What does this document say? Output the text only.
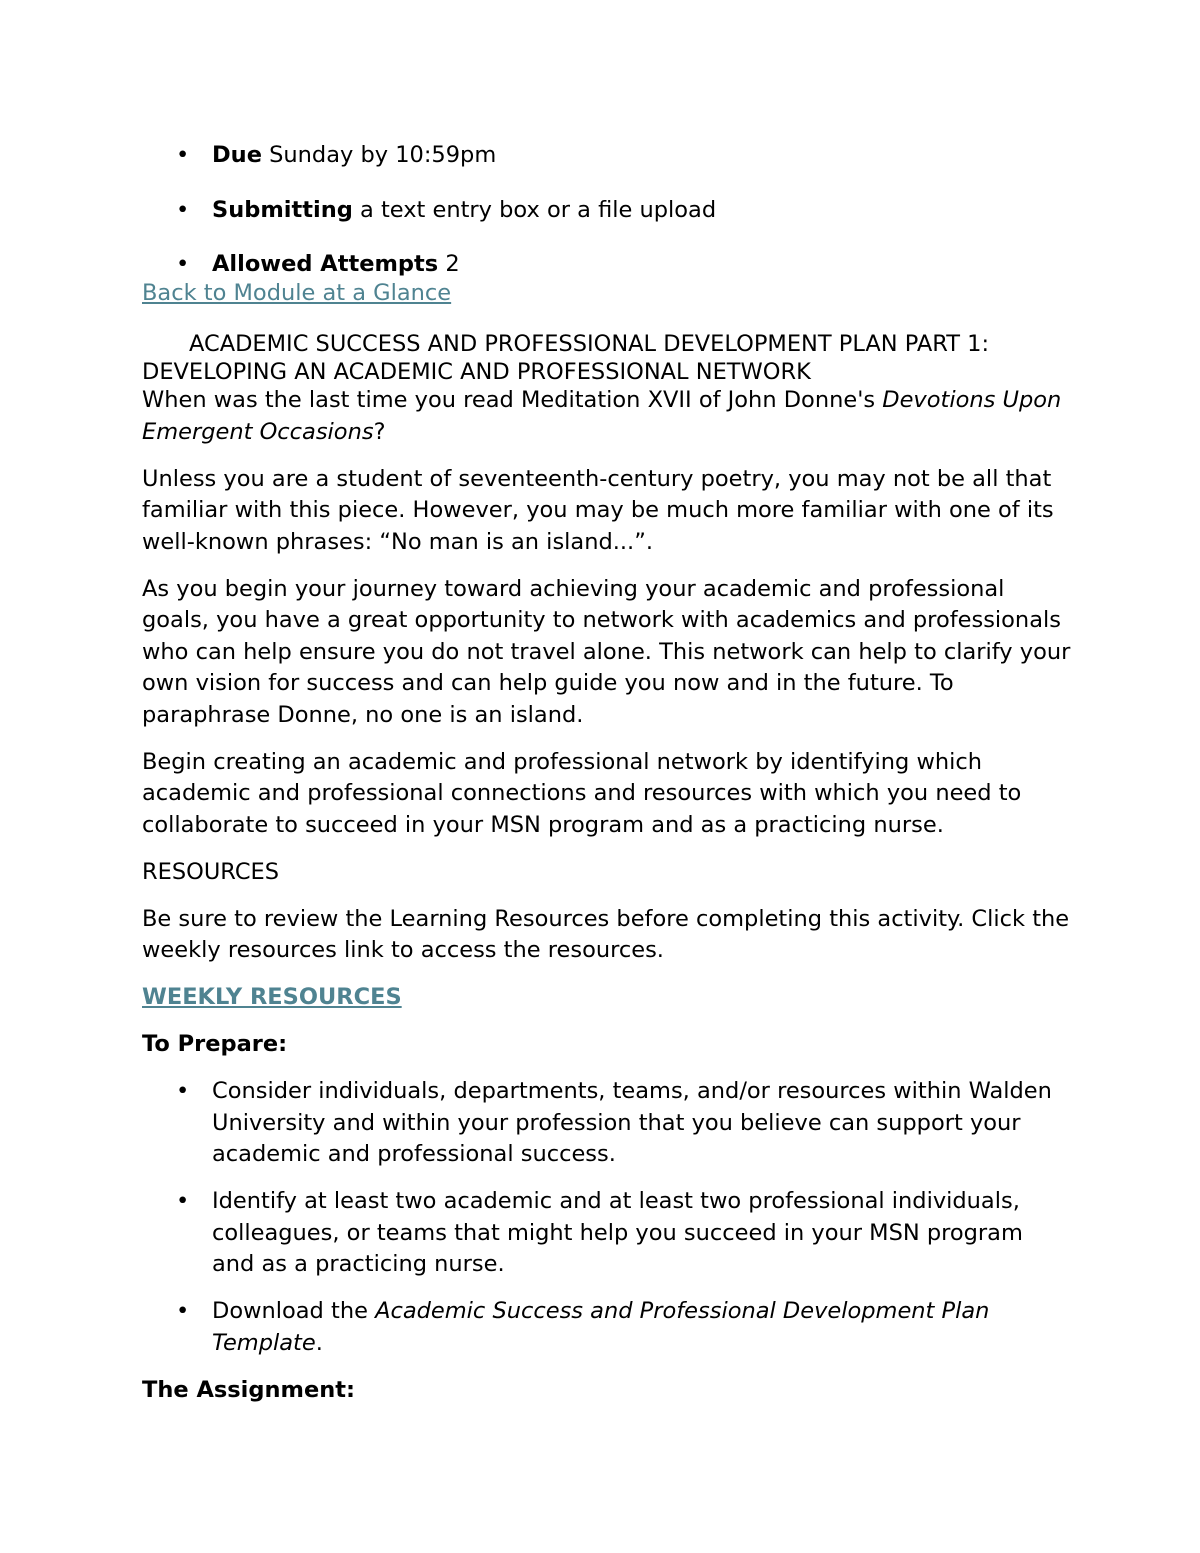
• Due Sunday by 10:59pm
• Submitting a text entry box or a file upload
• Allowed Attempts 2
Back to Module at a Glance
ACADEMIC SUCCESS AND PROFESSIONAL DEVELOPMENT PLAN PART 1: DEVELOPING AN ACADEMIC AND PROFESSIONAL NETWORK

When was the last time you read Meditation XVII of John Donne's Devotions Upon Emergent Occasions?

Unless you are a student of seventeenth-century poetry, you may not be all that familiar with this piece. However, you may be much more familiar with one of its well-known phrases: “No man is an island...”.

As you begin your journey toward achieving your academic and professional goals, you have a great opportunity to network with academics and professionals who can help ensure you do not travel alone. This network can help to clarify your own vision for success and can help guide you now and in the future. To paraphrase Donne, no one is an island.

Begin creating an academic and professional network by identifying which academic and professional connections and resources with which you need to collaborate to succeed in your MSN program and as a practicing nurse.

RESOURCES

Be sure to review the Learning Resources before completing this activity. Click the weekly resources link to access the resources.

WEEKLY RESOURCES

To Prepare:

• Consider individuals, departments, teams, and/or resources within Walden University and within your profession that you believe can support your academic and professional success.
• Identify at least two academic and at least two professional individuals, colleagues, or teams that might help you succeed in your MSN program and as a practicing nurse.
• Download the Academic Success and Professional Development Plan Template.

The Assignment:
